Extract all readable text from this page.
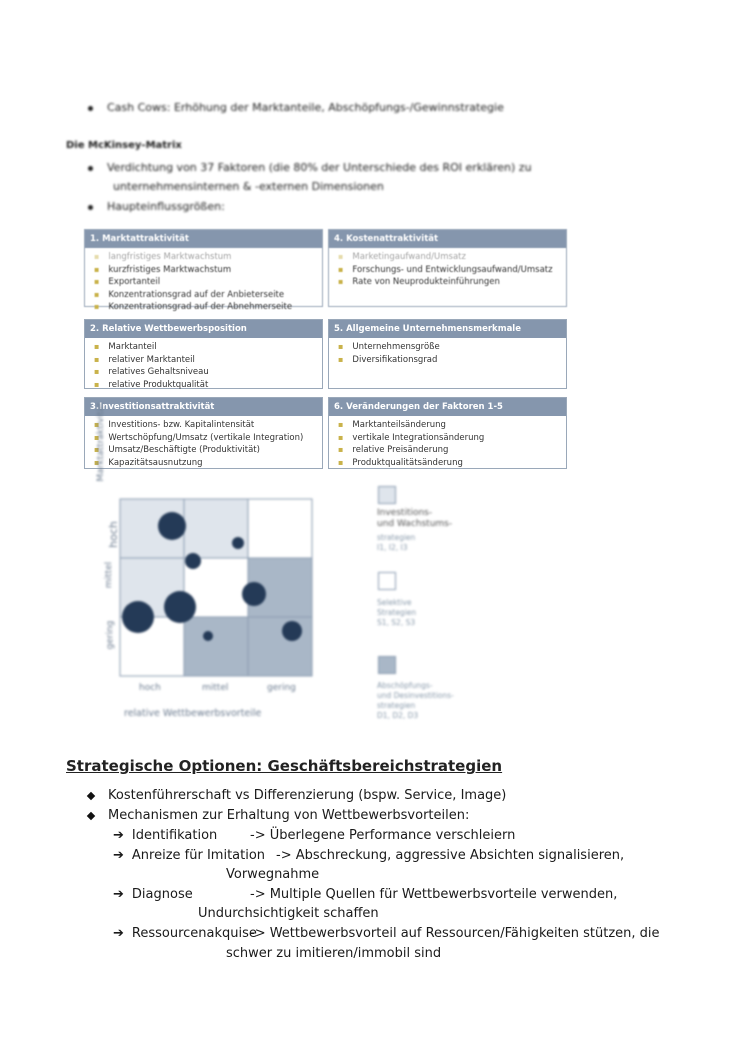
Cash Cows: Erhöhung der Marktanteile, Abschöpfungs-/Gewinnstrategie
Die McKinsey-Matrix
Verdichtung von 37 Faktoren (die 80% der Unterschiede des ROI erklären) zu
unternehmensinternen & -externen Dimensionen
Haupteinflussgrößen:
1. Marktattraktivität
▪ langfristiges Marktwachstum
▪ kurzfristiges Marktwachstum
▪ Exportanteil
▪ Konzentrationsgrad auf der Anbieterseite
▪ Konzentrationsgrad auf der Abnehmerseite
4. Kostenattraktivität
▪ Marketingaufwand/Umsatz
▪ Forschungs- und Entwicklungsaufwand/Umsatz
▪ Rate von Neuprodukteinführungen
2. Relative Wettbewerbsposition
▪ Marktanteil
▪ relativer Marktanteil
▪ relatives Gehaltsniveau
▪ relative Produktqualität
5. Allgemeine Unternehmensmerkmale
▪ Unternehmensgröße
▪ Diversifikationsgrad
3.Investitionsattraktivität
▪ Investitions- bzw. Kapitalintensität
▪ Wertschöpfung/Umsatz (vertikale Integration)
▪ Umsatz/Beschäftigte (Produktivität)
▪ Kapazitätsausnutzung
6. Veränderungen der Faktoren 1-5
▪ Marktanteilsänderung
▪ vertikale Integrationsänderung
▪ relative Preisänderung
▪ Produktqualitätsänderung
Marktattraktivität
hoch
mittel
gering
hoch	mittel	gering
relative Wettbewerbsvorteile
Investitions-
und Wachstums-
strategien
I1, I2, I3
Selektive
Strategien
S1, S2, S3
Abschöpfungs-
und Desinvestitions-
strategien
D1, D2, D3
Strategische Optionen: Geschäftsbereichstrategien
Kostenführerschaft vs Differenzierung (bspw. Service, Image)
Mechanismen zur Erhaltung von Wettbewerbsvorteilen:
➔ Identifikation	-> Überlegene Performance verschleiern
➔ Anreize für Imitation -> Abschreckung, aggressive Absichten signalisieren,
Vorwegnahme
➔ Diagnose	-> Multiple Quellen für Wettbewerbsvorteile verwenden,
Undurchsichtigkeit schaffen
➔ Ressourcenakquise
-> Wettbewerbsvorteil auf Ressourcen/Fähigkeiten stützen, die
schwer zu imitieren/immobil sind
